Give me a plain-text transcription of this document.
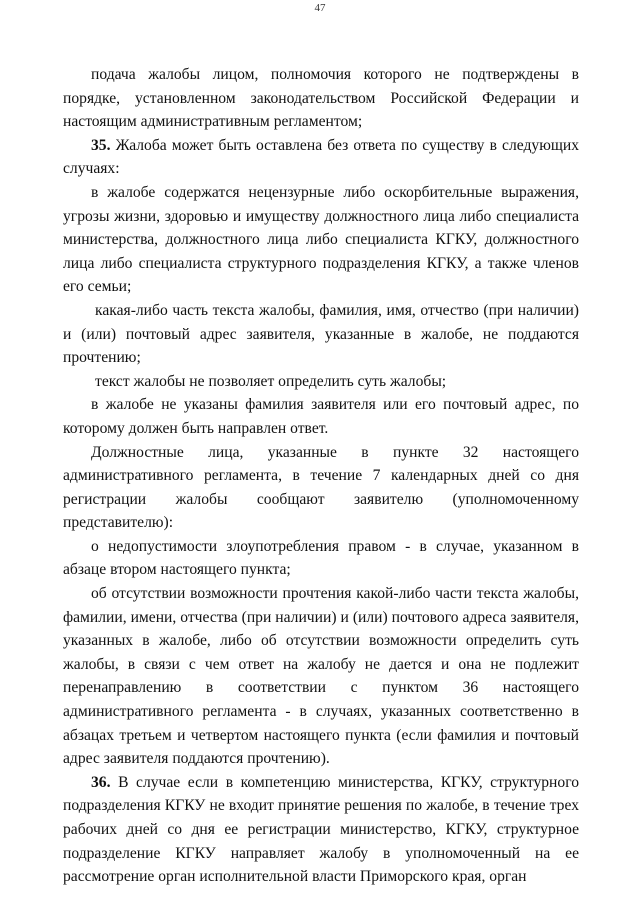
47

подача жалобы лицом, полномочия которого не подтверждены в порядке, установленном законодательством Российской Федерации и настоящим административным регламентом;

35. Жалоба может быть оставлена без ответа по существу в следующих случаях:

в жалобе содержатся нецензурные либо оскорбительные выражения, угрозы жизни, здоровью и имуществу должностного лица либо специалиста министерства, должностного лица либо специалиста КГКУ, должностного лица либо специалиста структурного подразделения КГКУ, а также членов его семьи;

какая-либо часть текста жалобы, фамилия, имя, отчество (при наличии) и (или) почтовый адрес заявителя, указанные в жалобе, не поддаются прочтению;

текст жалобы не позволяет определить суть жалобы;

в жалобе не указаны фамилия заявителя или его почтовый адрес, по которому должен быть направлен ответ.

Должностные лица, указанные в пункте 32 настоящего административного регламента, в течение 7 календарных дней со дня регистрации жалобы сообщают заявителю (уполномоченному представителю):

о недопустимости злоупотребления правом - в случае, указанном в абзаце втором настоящего пункта;

об отсутствии возможности прочтения какой-либо части текста жалобы, фамилии, имени, отчества (при наличии) и (или) почтового адреса заявителя, указанных в жалобе, либо об отсутствии возможности определить суть жалобы, в связи с чем ответ на жалобу не дается и она не подлежит перенаправлению в соответствии с пунктом 36 настоящего административного регламента - в случаях, указанных соответственно в абзацах третьем и четвертом настоящего пункта (если фамилия и почтовый адрес заявителя поддаются прочтению).

36. В случае если в компетенцию министерства, КГКУ, структурного подразделения КГКУ не входит принятие решения по жалобе, в течение трех рабочих дней со дня ее регистрации министерство, КГКУ, структурное подразделение КГКУ направляет жалобу в уполномоченный на ее рассмотрение орган исполнительной власти Приморского края, орган
